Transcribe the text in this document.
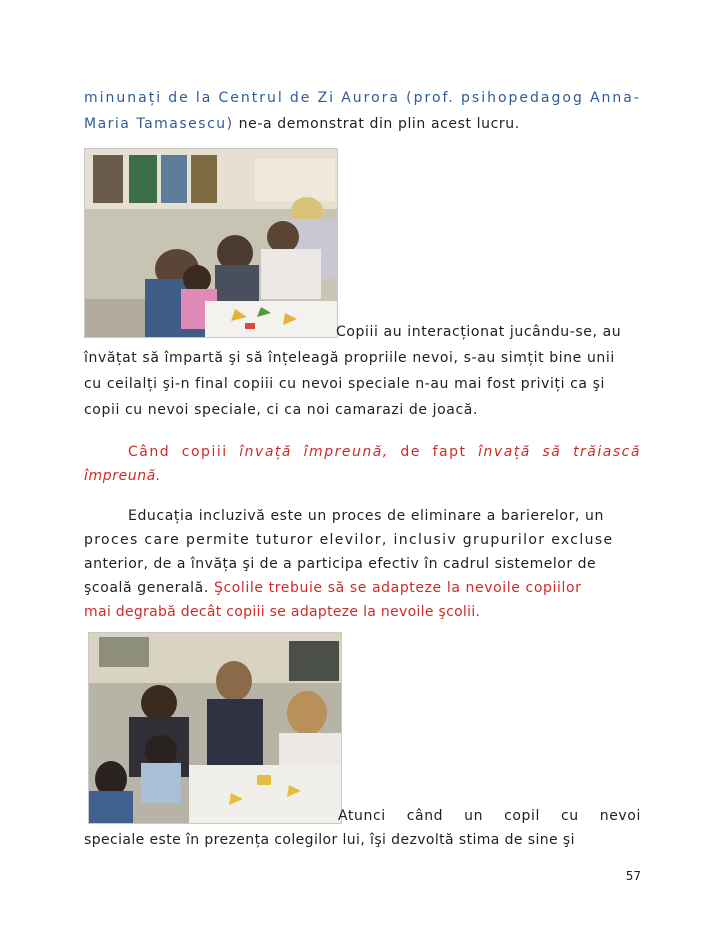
minunați de la Centrul de Zi Aurora (prof. psihopedagog Anna-
Maria Tamasescu) ne-a demonstrat din plin acest lucru.
Copiii au interacționat jucându-se, au
învățat să împartă şi să înțeleagă propriile nevoi, s-au simțit bine unii
cu ceilalți şi-n final copiii cu nevoi speciale n-au mai fost priviți ca şi
copii cu nevoi speciale, ci ca noi camarazi de joacă.
Când copiii învață împreună, de fapt învață să trăiască
împreună.
Educația incluzivă este un proces de eliminare a barierelor, un
proces care permite tuturor elevilor, inclusiv grupurilor excluse
anterior, de a învăța şi de a participa efectiv în cadrul sistemelor de
şcoală generală. Şcolile trebuie să se adapteze la nevoile copiilor
mai degrabă decât copiii se adapteze la nevoile şcolii.
Atunci când un copil cu nevoi
speciale este în prezența colegilor lui, îşi dezvoltă stima de sine şi
57
